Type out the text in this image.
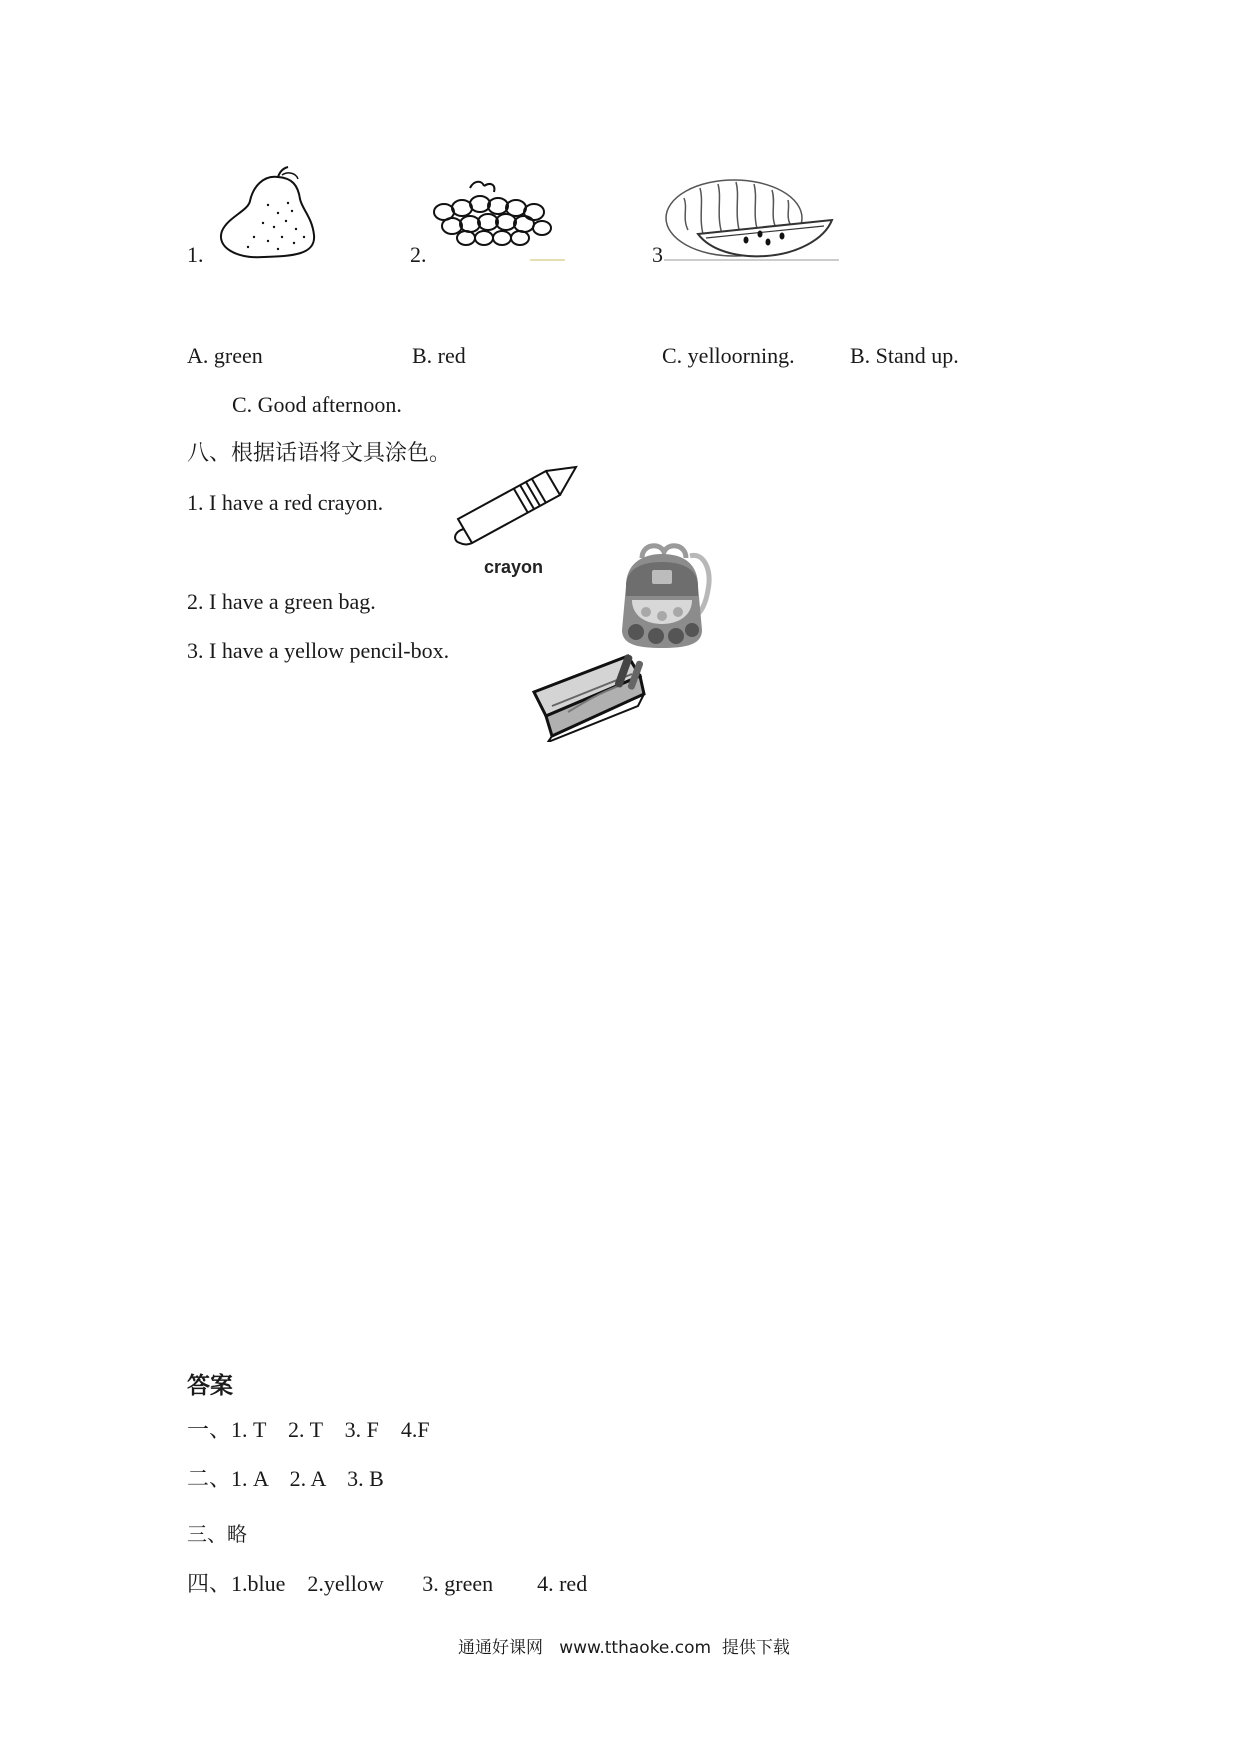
1.	2.	3
A. green	B. red	C. yelloorning.	B. Stand up.
C. Good afternoon.
八、根据话语将文具涂色。
1. I have a red crayon.
crayon
2. I have a green bag.
3. I have a yellow pencil-box.
答案
一、1. T    2. T    3. F    4.F
二、1. A    2. A    3. B
三、略
四、1.blue    2.yellow       3. green        4. red
通通好课网   www.tthaoke.com  提供下载
